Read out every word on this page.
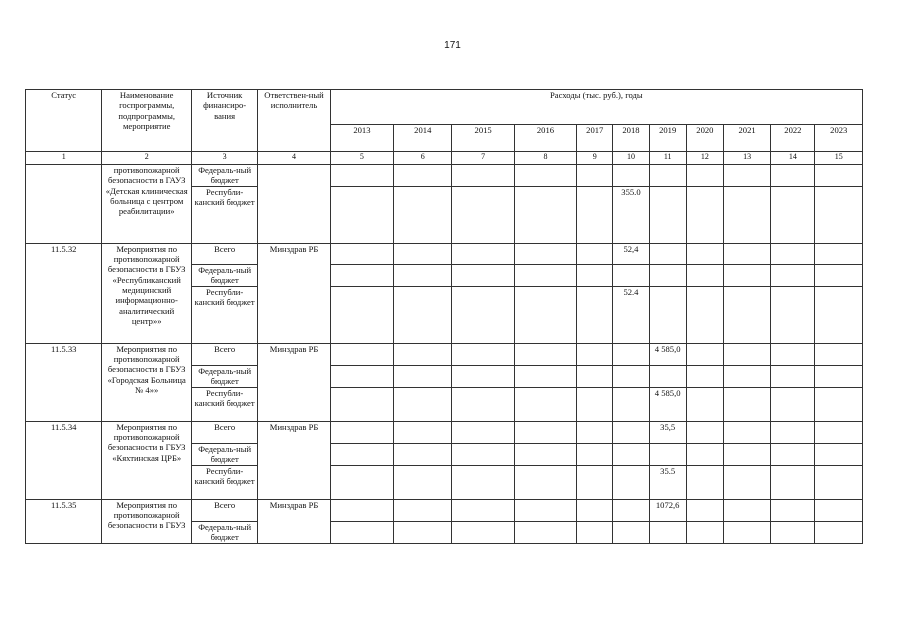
171
Статус	Наименование госпрограммы, подпрограммы, мероприятие	Источник финансиро-вания	Ответствен-ный исполнитель	Расходы (тыс. руб.), годы										
				2013	2014	2015	2016	2017	2018	2019	2020	2021	2022	2023
1	2	3	4	5	6	7	8	9	10	11	12	13	14	15
	противопожарной безопасности в ГАУЗ «Детская клиническая больница с центром реабилитации»	Федераль-ный бюджет												
		Республи-канский бюджет							355.0					
11.5.32	Мероприятия по противопожарной безопасности в ГБУЗ «Республиканский медицинский информационно-аналитический центр»»	Всего	Минздрав РБ						52,4					
		Федераль-ный бюджет												
		Республи-канский бюджет							52.4					
11.5.33	Мероприятия по противопожарной безопасности в ГБУЗ «Городская Больница № 4»»	Всего	Минздрав РБ							4 585,0				
		Федераль-ный бюджет												
		Республи-канский бюджет								4 585,0				
11.5.34	Мероприятия по противопожарной безопасности в ГБУЗ «Кяхтинская ЦРБ»	Всего	Минздрав РБ							35,5				
		Федераль-ный бюджет												
		Республи-канский бюджет								35.5				
11.5.35	Мероприятия по противопожарной безопасности в ГБУЗ	Всего	Минздрав РБ							1072,6				
		Федераль-ный бюджет												
